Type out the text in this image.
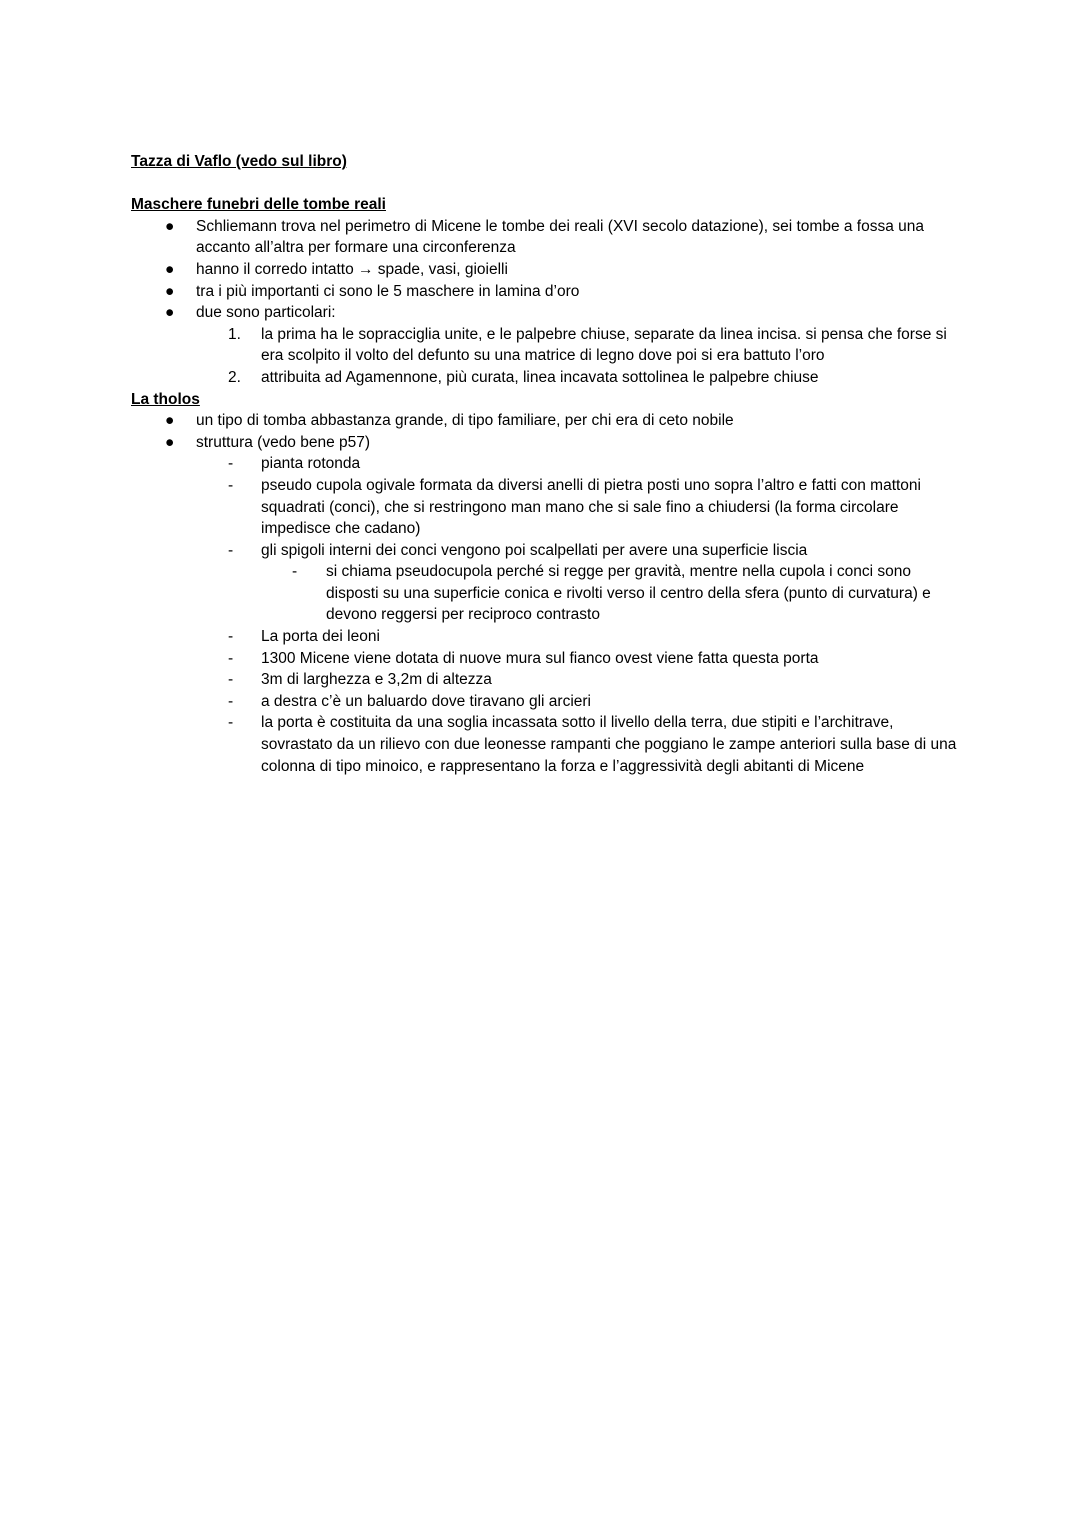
Tazza di Vaflo (vedo sul libro)

Maschere funebri delle tombe reali

●	Schliemann trova nel perimetro di Micene le tombe dei reali (XVI secolo datazione), sei tombe a fossa una accanto all’altra per formare una circonferenza
●	hanno il corredo intatto → spade, vasi, gioielli
●	tra i più importanti ci sono le 5 maschere in lamina d’oro
●	due sono particolari:
1.	la prima ha le sopracciglia unite, e le palpebre chiuse, separate da linea incisa. si pensa che forse si era scolpito il volto del defunto su una matrice di legno dove poi si era battuto l’oro
2.	attribuita ad Agamennone, più curata, linea incavata sottolinea le palpebre chiuse

La tholos

●	un tipo di tomba abbastanza grande, di tipo familiare, per chi era di ceto nobile
●	struttura (vedo bene p57)
-	pianta rotonda
-	pseudo cupola ogivale formata da diversi anelli di pietra posti uno sopra l’altro e fatti con mattoni squadrati (conci), che si restringono man mano che si sale fino a chiudersi (la forma circolare impedisce che cadano)
-	gli spigoli interni dei conci vengono poi scalpellati per avere una superficie liscia
-	si chiama pseudocupola perché si regge per gravità, mentre nella cupola i conci sono disposti su una superficie conica e rivolti verso il centro della sfera (punto di curvatura) e devono reggersi per reciproco contrasto
-	La porta dei leoni
-	1300 Micene viene dotata di nuove mura sul fianco ovest viene fatta questa porta
-	3m di larghezza e 3,2m di altezza
-	a destra c’è un baluardo dove tiravano gli arcieri
-	la porta è costituita da una soglia incassata sotto il livello della terra, due stipiti e l’architrave, sovrastato da un rilievo con due leonesse rampanti che poggiano le zampe anteriori sulla base di una colonna di tipo minoico, e rappresentano la forza e l’aggressività degli abitanti di Micene
